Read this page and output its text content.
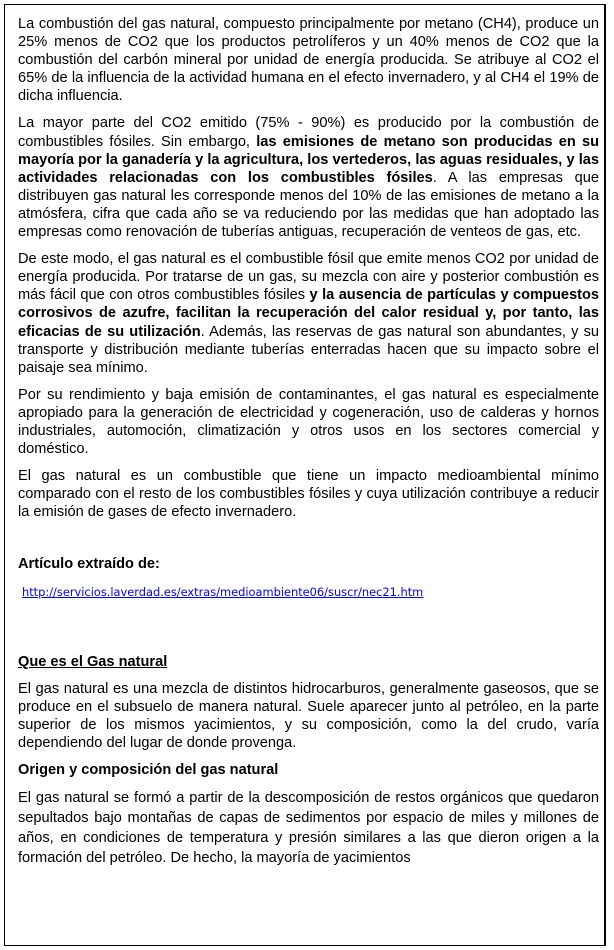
La combustión del gas natural, compuesto principalmente por metano (CH4), produce un 25% menos de CO2 que los productos petrolíferos y un 40% menos de CO2 que la combustión del carbón mineral por unidad de energía producida. Se atribuye al CO2 el 65% de la influencia de la actividad humana en el efecto invernadero, y al CH4 el 19% de dicha influencia.

La mayor parte del CO2 emitido (75% - 90%) es producido por la combustión de combustibles fósiles. Sin embargo, las emisiones de metano son producidas en su mayoría por la ganadería y la agricultura, los vertederos, las aguas residuales, y las actividades relacionadas con los combustibles fósiles. A las empresas que distribuyen gas natural les corresponde menos del 10% de las emisiones de metano a la atmósfera, cifra que cada año se va reduciendo por las medidas que han adoptado las empresas como renovación de tuberías antiguas, recuperación de venteos de gas, etc.

De este modo, el gas natural es el combustible fósil que emite menos CO2 por unidad de energía producida. Por tratarse de un gas, su mezcla con aire y posterior combustión es más fácil que con otros combustibles fósiles y la ausencia de partículas y compuestos corrosivos de azufre, facilitan la recuperación del calor residual y, por tanto, las eficacias de su utilización. Además, las reservas de gas natural son abundantes, y su transporte y distribución mediante tuberías enterradas hacen que su impacto sobre el paisaje sea mínimo.

Por su rendimiento y baja emisión de contaminantes, el gas natural es especialmente apropiado para la generación de electricidad y cogeneración, uso de calderas y hornos industriales, automoción, climatización y otros usos en los sectores comercial y doméstico.

El gas natural es un combustible que tiene un impacto medioambiental mínimo comparado con el resto de los combustibles fósiles y cuya utilización contribuye a reducir la emisión de gases de efecto invernadero.

Artículo extraído de:

http://servicios.laverdad.es/extras/medioambiente06/suscr/nec21.htm

Que es el Gas natural

El gas natural es una mezcla de distintos hidrocarburos, generalmente gaseosos, que se produce en el subsuelo de manera natural. Suele aparecer junto al petróleo, en la parte superior de los mismos yacimientos, y su composición, como la del crudo, varía dependiendo del lugar de donde provenga.

Origen y composición del gas natural

El gas natural se formó a partir de la descomposición de restos orgánicos que quedaron sepultados bajo montañas de capas de sedimentos por espacio de miles y millones de años, en condiciones de temperatura y presión similares a las que dieron origen a la formación del petróleo. De hecho, la mayoría de yacimientos
